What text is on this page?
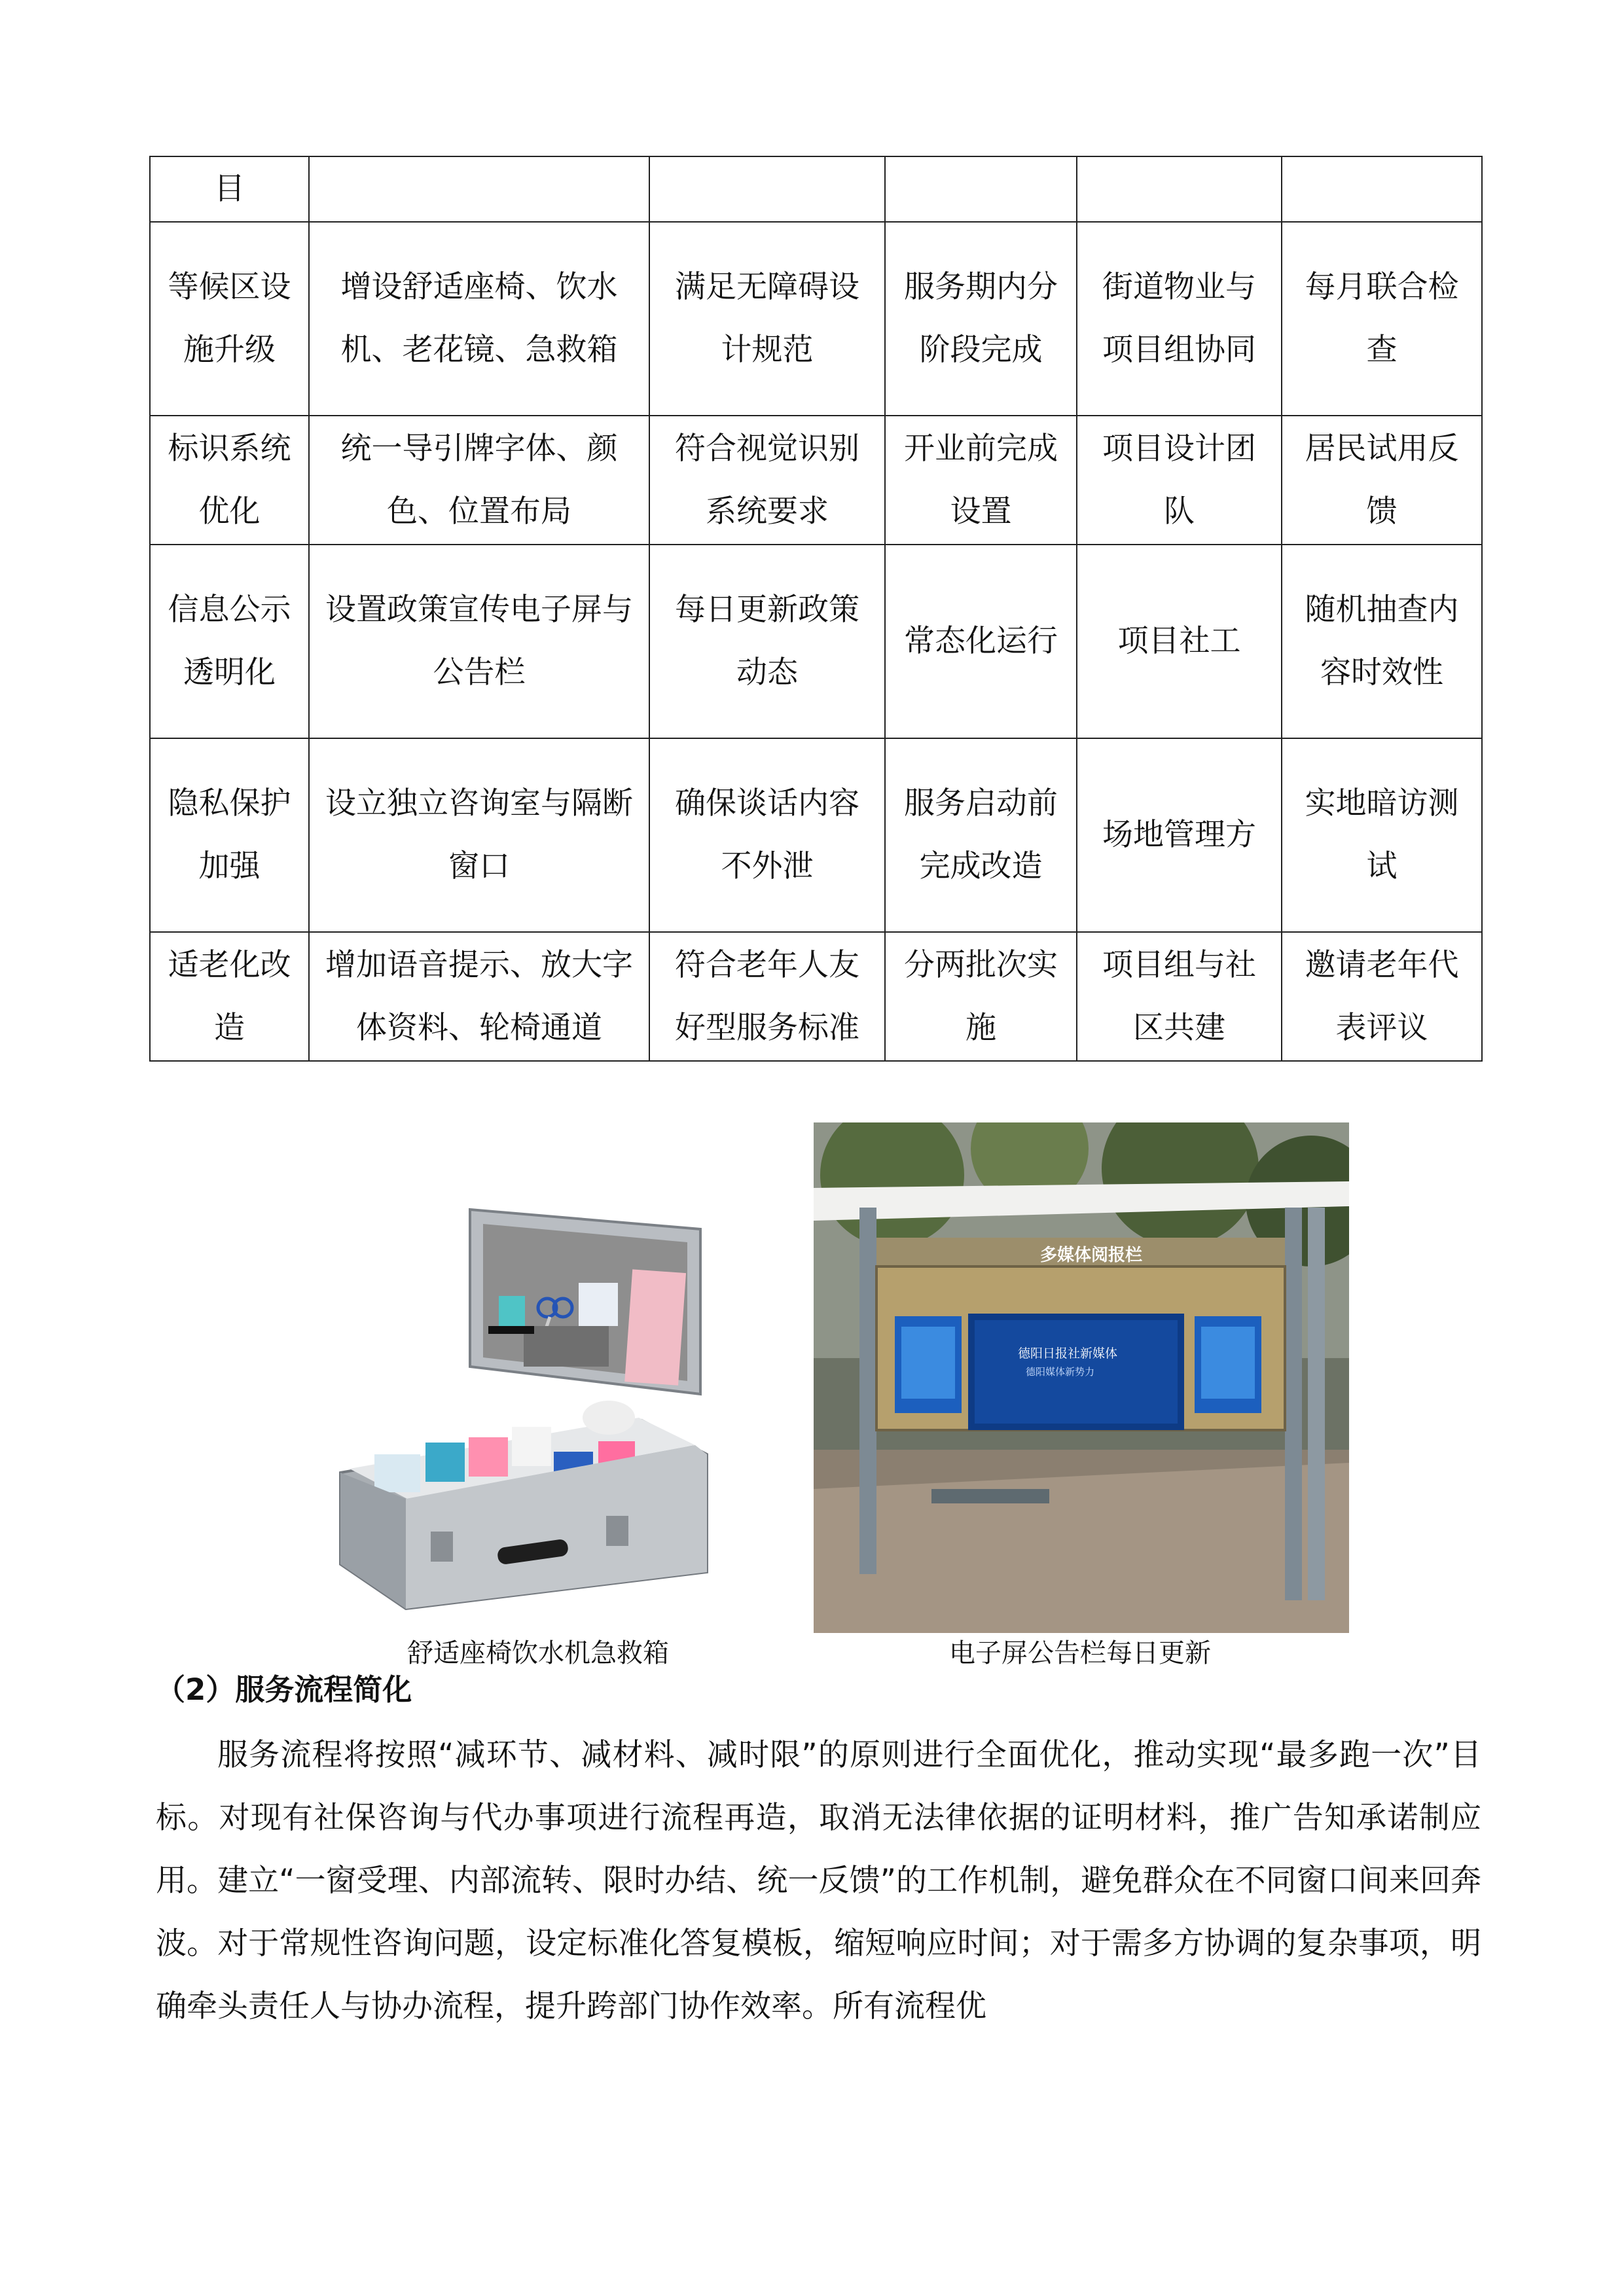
目					
等候区设施升级	增设舒适座椅、饮水机、老花镜、急救箱	满足无障碍设计规范	服务期内分阶段完成	街道物业与项目组协同	每月联合检查
标识系统优化	统一导引牌字体、颜色、位置布局	符合视觉识别系统要求	开业前完成设置	项目设计团队	居民试用反馈
信息公示透明化	设置政策宣传电子屏与公告栏	每日更新政策动态	常态化运行	项目社工	随机抽查内容时效性
隐私保护加强	设立独立咨询室与隔断窗口	确保谈话内容不外泄	服务启动前完成改造	场地管理方	实地暗访测试
适老化改造	增加语音提示、放大字体资料、轮椅通道	符合老年人友好型服务标准	分两批次实施	项目组与社区共建	邀请老年代表评议
多媒体阅报栏
德阳日报社新媒体
德阳媒体新势力
舒适座椅饮水机急救箱	电子屏公告栏每日更新
（2）服务流程简化
服务流程将按照“减环节、减材料、减时限”的原则进行全面优化，推动实现“最多跑一次”目标。对现有社保咨询与代办事项进行流程再造，取消无法律依据的证明材料，推广告知承诺制应用。建立“一窗受理、内部流转、限时办结、统一反馈”的工作机制，避免群众在不同窗口间来回奔波。对于常规性咨询问题，设定标准化答复模板，缩短响应时间；对于需多方协调的复杂事项，明确牵头责任人与协办流程，提升跨部门协作效率。所有流程优
